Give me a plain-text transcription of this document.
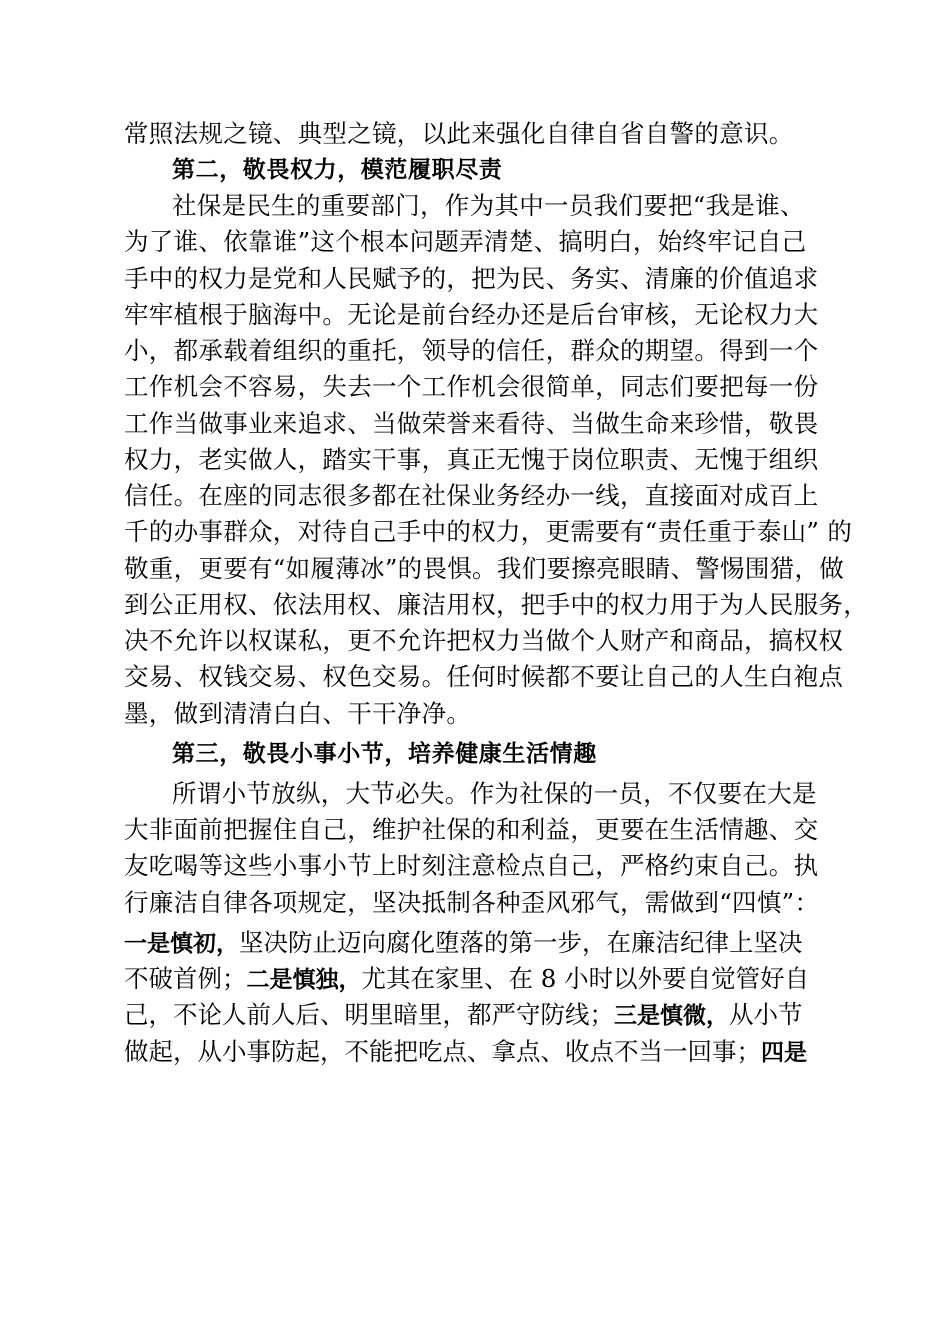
常照法规之镜、典型之镜，以此来强化自律自省自警的意识。
第二，敬畏权力，模范履职尽责
社保是民生的重要部门，作为其中一员我们要把“我是谁、
为了谁、依靠谁”这个根本问题弄清楚、搞明白，始终牢记自己
手中的权力是党和人民赋予的，把为民、务实、清廉的价值追求
牢牢植根于脑海中。无论是前台经办还是后台审核，无论权力大
小，都承载着组织的重托，领导的信任，群众的期望。得到一个
工作机会不容易，失去一个工作机会很简单，同志们要把每一份
工作当做事业来追求、当做荣誉来看待、当做生命来珍惜，敬畏
权力，老实做人，踏实干事，真正无愧于岗位职责、无愧于组织
信任。在座的同志很多都在社保业务经办一线，直接面对成百上
千的办事群众，对待自己手中的权力，更需要有“责任重于泰山” 的
敬重，更要有“如履薄冰”的畏惧。我们要擦亮眼睛、警惕围猎，做
到公正用权、依法用权、廉洁用权，把手中的权力用于为人民服务，
决不允许以权谋私，更不允许把权力当做个人财产和商品，搞权权
交易、权钱交易、权色交易。任何时候都不要让自己的人生白袍点
墨，做到清清白白、干干净净。
第三，敬畏小事小节，培养健康生活情趣
所谓小节放纵，大节必失。作为社保的一员，不仅要在大是
大非面前把握住自己，维护社保的和利益，更要在生活情趣、交
友吃喝等这些小事小节上时刻注意检点自己，严格约束自己。执
行廉洁自律各项规定，坚决抵制各种歪风邪气，需做到“四慎”：
一是慎初，坚决防止迈向腐化堕落的第一步，在廉洁纪律上坚决
不破首例；二是慎独，尤其在家里、在 8 小时以外要自觉管好自
己，不论人前人后、明里暗里，都严守防线；三是慎微，从小节
做起，从小事防起，不能把吃点、拿点、收点不当一回事；四是
